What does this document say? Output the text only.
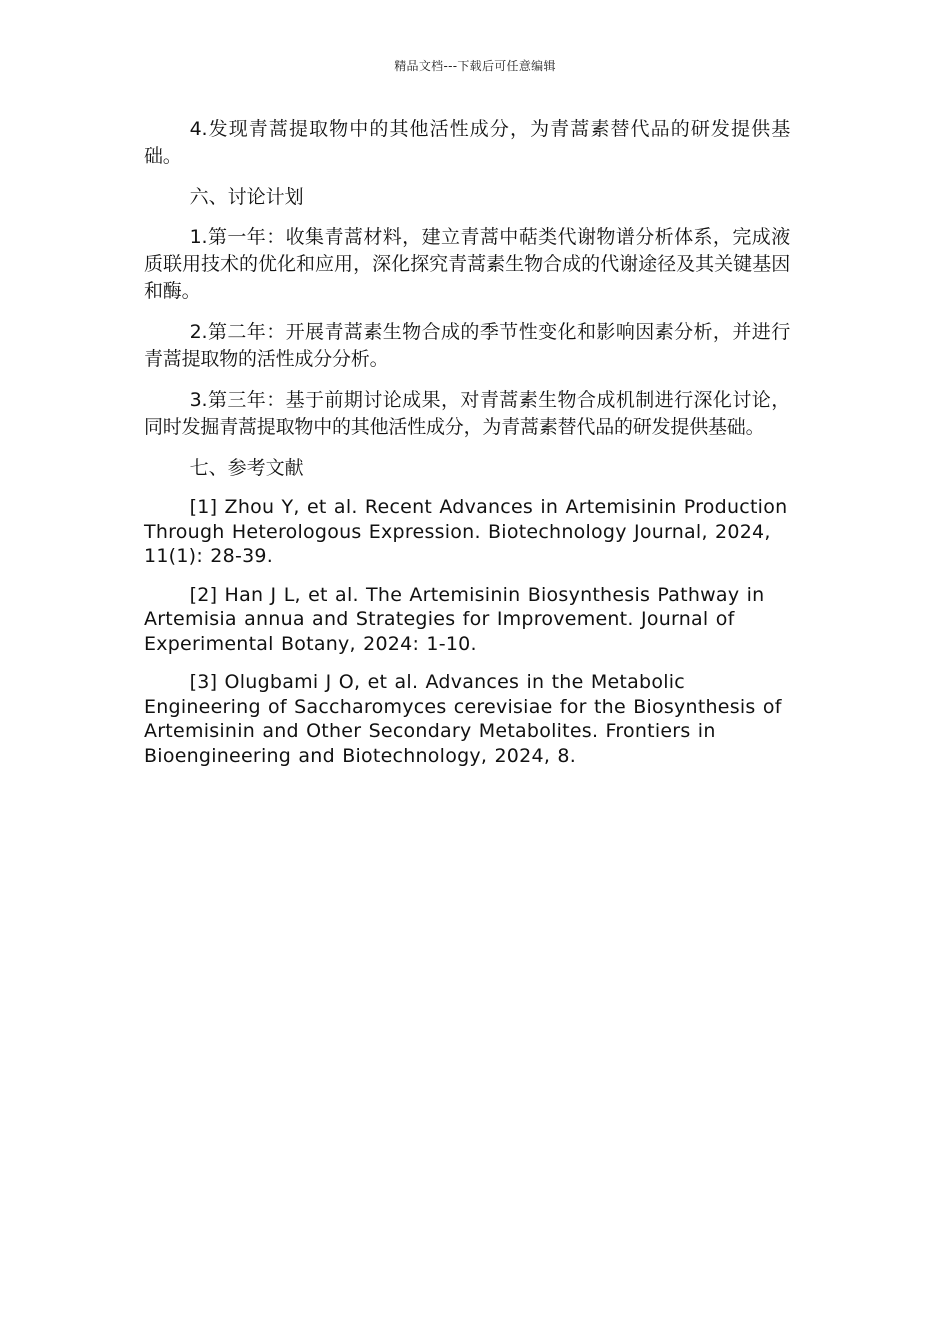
精品文档---下载后可任意编辑

4.发现青蒿提取物中的其他活性成分，为青蒿素替代品的研发提供基础。

六、讨论计划

1.第一年：收集青蒿材料，建立青蒿中萜类代谢物谱分析体系，完成液质联用技术的优化和应用，深化探究青蒿素生物合成的代谢途径及其关键基因和酶。

2.第二年：开展青蒿素生物合成的季节性变化和影响因素分析，并进行青蒿提取物的活性成分分析。

3.第三年：基于前期讨论成果，对青蒿素生物合成机制进行深化讨论，同时发掘青蒿提取物中的其他活性成分，为青蒿素替代品的研发提供基础。

七、参考文献

[1] Zhou Y, et al. Recent Advances in Artemisinin Production Through Heterologous Expression. Biotechnology Journal, 2024, 11(1): 28-39.

[2] Han J L, et al. The Artemisinin Biosynthesis Pathway in Artemisia annua and Strategies for Improvement. Journal of Experimental Botany, 2024: 1-10.

[3] Olugbami J O, et al. Advances in the Metabolic Engineering of Saccharomyces cerevisiae for the Biosynthesis of Artemisinin and Other Secondary Metabolites. Frontiers in Bioengineering and Biotechnology, 2024, 8.
